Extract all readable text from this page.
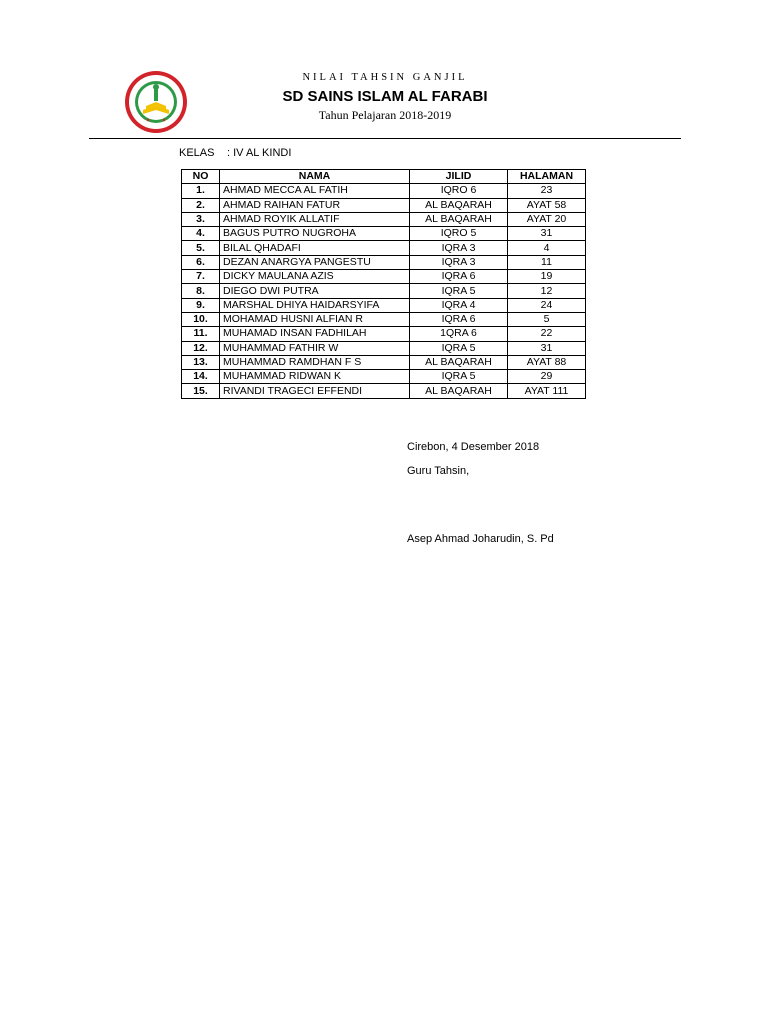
NILAI TAHSIN GANJIL
SD SAINS ISLAM AL FARABI
Tahun Pelajaran 2018-2019
KELAS : IV AL KINDI
NO	NAMA	JILID	HALAMAN
1.	AHMAD MECCA AL FATIH	IQRO 6	23
2.	AHMAD RAIHAN FATUR	AL BAQARAH	AYAT 58
3.	AHMAD ROYIK ALLATIF	AL BAQARAH	AYAT 20
4.	BAGUS PUTRO NUGROHA	IQRO 5	31
5.	BILAL QHADAFI	IQRA 3	4
6.	DEZAN ANARGYA PANGESTU	IQRA 3	11
7.	DICKY MAULANA AZIS	IQRA 6	19
8.	DIEGO DWI PUTRA	IQRA 5	12
9.	MARSHAL DHIYA HAIDARSYIFA	IQRA 4	24
10.	MOHAMAD HUSNI ALFIAN R	IQRA 6	5
11.	MUHAMAD INSAN FADHILAH	1QRA 6	22
12.	MUHAMMAD FATHIR W	IQRA 5	31
13.	MUHAMMAD RAMDHAN F S	AL BAQARAH	AYAT 88
14.	MUHAMMAD RIDWAN K	IQRA 5	29
15.	RIVANDI TRAGECI EFFENDI	AL BAQARAH	AYAT 111
Cirebon, 4 Desember 2018
Guru Tahsin,
Asep Ahmad Joharudin, S. Pd
